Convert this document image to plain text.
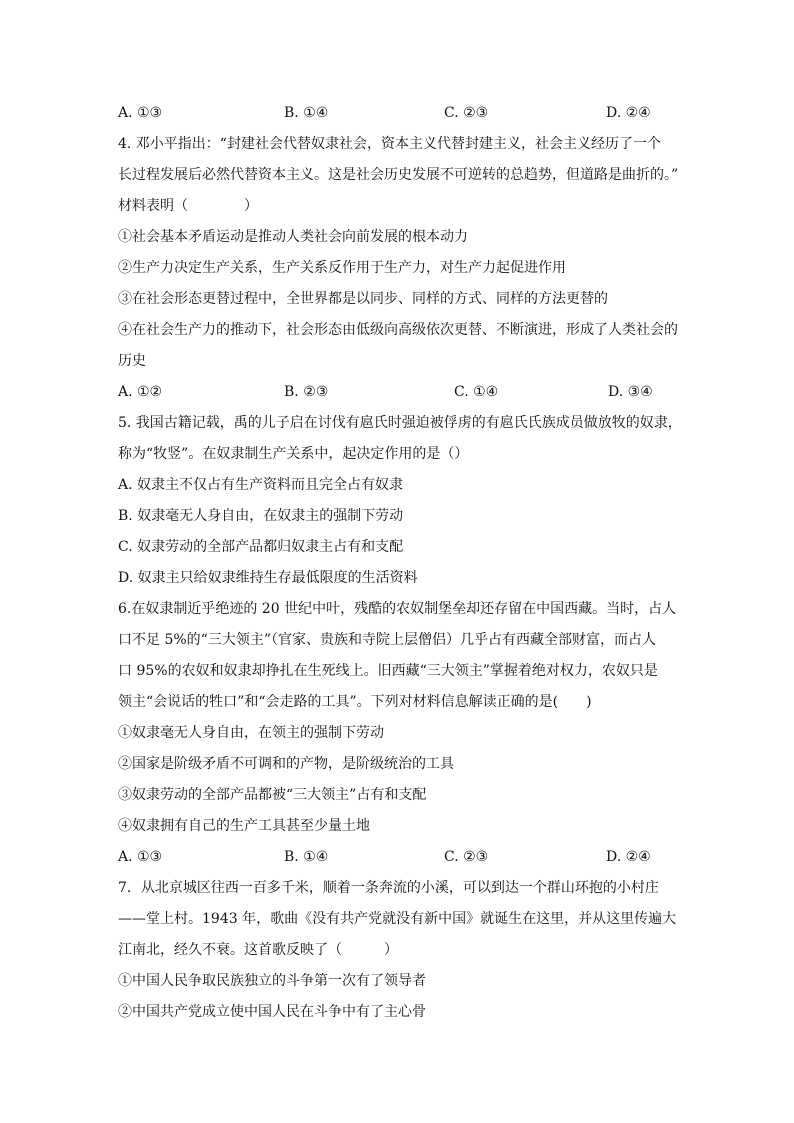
A. ①③	B. ①④	C. ②③	D. ②④
4. 邓小平指出：“封建社会代替奴隶社会，资本主义代替封建主义，社会主义经历了一个
长过程发展后必然代替资本主义。这是社会历史发展不可逆转的总趋势，但道路是曲折的。”
材料表明（　　　　）
①社会基本矛盾运动是推动人类社会向前发展的根本动力
②生产力决定生产关系，生产关系反作用于生产力，对生产力起促进作用
③在社会形态更替过程中，全世界都是以同步、同样的方式、同样的方法更替的
④在社会生产力的推动下，社会形态由低级向高级依次更替、不断演进，形成了人类社会的
历史
A. ①②	B. ②③	C. ①④	D. ③④
5. 我国古籍记载，禹的儿子启在讨伐有扈氏时强迫被俘虏的有扈氏氏族成员做放牧的奴隶，
称为“牧竖”。在奴隶制生产关系中，起决定作用的是（）
A. 奴隶主不仅占有生产资料而且完全占有奴隶
B. 奴隶毫无人身自由，在奴隶主的强制下劳动
C. 奴隶劳动的全部产品都归奴隶主占有和支配
D. 奴隶主只给奴隶维持生存最低限度的生活资料
6.在奴隶制近乎绝迹的 20 世纪中叶，残酷的农奴制堡垒却还存留在中国西藏。当时，占人
口不足 5%的“三大领主”（官家、贵族和寺院上层僧侣）几乎占有西藏全部财富，而占人
口 95%的农奴和奴隶却挣扎在生死线上。旧西藏“三大领主”掌握着绝对权力，农奴只是
领主“会说话的牲口”和“会走路的工具”。下列对材料信息解读正确的是(　　)
①奴隶毫无人身自由，在领主的强制下劳动
②国家是阶级矛盾不可调和的产物，是阶级统治的工具
③奴隶劳动的全部产品都被“三大领主”占有和支配
④奴隶拥有自己的生产工具甚至少量土地
A. ①③	B. ①④	C. ②③	D. ②④
7．从北京城区往西一百多千米，顺着一条奔流的小溪，可以到达一个群山环抱的小村庄
——堂上村。1943 年，歌曲《没有共产党就没有新中国》就诞生在这里，并从这里传遍大
江南北，经久不衰。这首歌反映了（　　　）
①中国人民争取民族独立的斗争第一次有了领导者
②中国共产党成立使中国人民在斗争中有了主心骨
